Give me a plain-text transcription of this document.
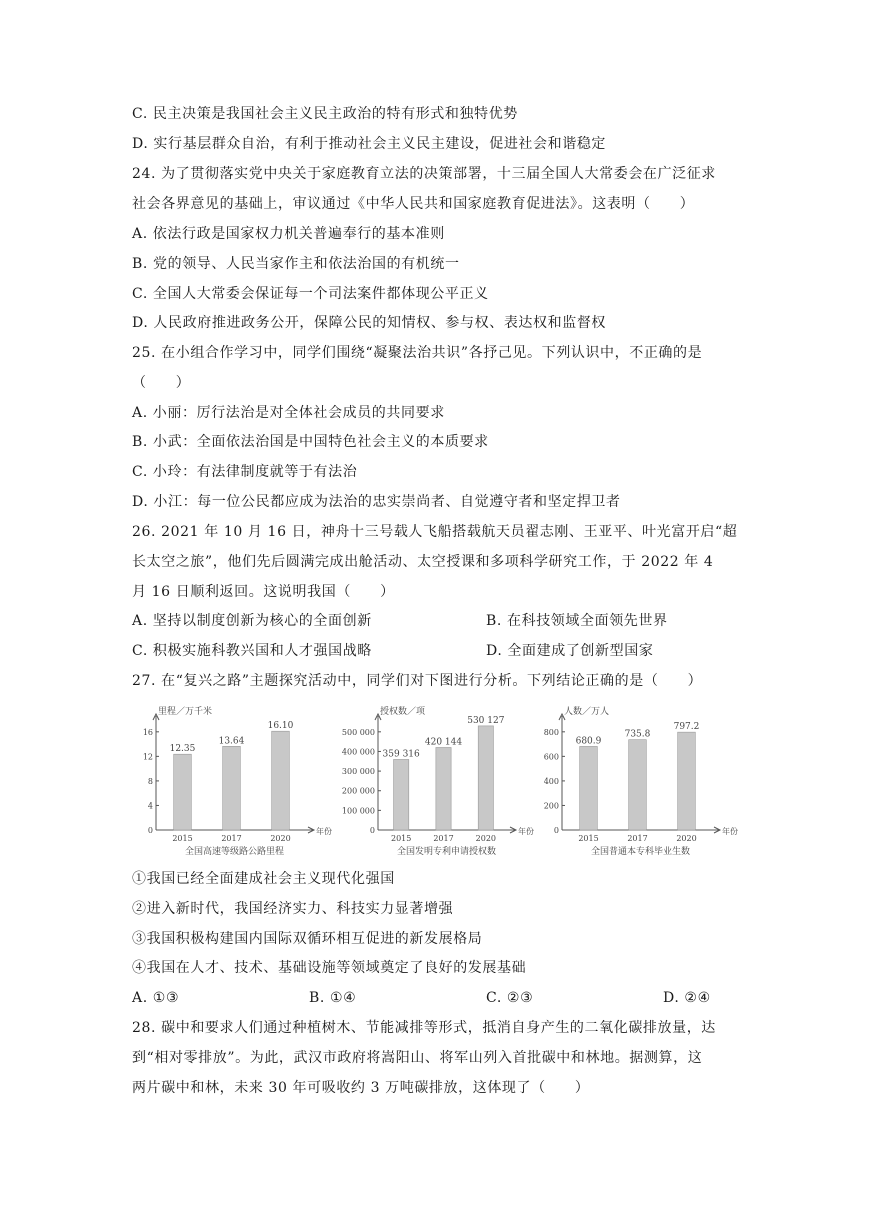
C. 民主决策是我国社会主义民主政治的特有形式和独特优势
D. 实行基层群众自治，有利于推动社会主义民主建设，促进社会和谐稳定
24. 为了贯彻落实党中央关于家庭教育立法的决策部署，十三届全国人大常委会在广泛征求
社会各界意见的基础上，审议通过《中华人民共和国家庭教育促进法》。这表明（　　）
A. 依法行政是国家权力机关普遍奉行的基本准则
B. 党的领导、人民当家作主和依法治国的有机统一
C. 全国人大常委会保证每一个司法案件都体现公平正义
D. 人民政府推进政务公开，保障公民的知情权、参与权、表达权和监督权
25. 在小组合作学习中，同学们围绕“凝聚法治共识”各抒己见。下列认识中，不正确的是
（　　）
A. 小丽：厉行法治是对全体社会成员的共同要求
B. 小武：全面依法治国是中国特色社会主义的本质要求
C. 小玲：有法律制度就等于有法治
D. 小江：每一位公民都应成为法治的忠实崇尚者、自觉遵守者和坚定捍卫者
26. 2021 年 10 月 16 日，神舟十三号载人飞船搭载航天员翟志刚、王亚平、叶光富开启“超
长太空之旅”，他们先后圆满完成出舱活动、太空授课和多项科学研究工作，于 2022 年 4
月 16 日顺利返回。这说明我国（　　）
A. 坚持以制度创新为核心的全面创新	B. 在科技领域全面领先世界
C. 积极实施科教兴国和人才强国战略	D. 全面建成了创新型国家
27. 在“复兴之路”主题探究活动中，同学们对下图进行分析。下列结论正确的是（　　）
里程／万千米
年份
0
4
8
12
16
12.35
2015
13.64
2017
16.10
2020
全国高速等级路公路里程
授权数／项
年份
0
100 000
200 000
300 000
400 000
500 000
359 316
2015
420 144
2017
530 127
2020
全国发明专利申请授权数
人数／万人
年份
0
200
400
600
800
680.9
2015
735.8
2017
797.2
2020
全国普通本专科毕业生数
①我国已经全面建成社会主义现代化强国
②进入新时代，我国经济实力、科技实力显著增强
③我国积极构建国内国际双循环相互促进的新发展格局
④我国在人才、技术、基础设施等领域奠定了良好的发展基础
A. ①③	B. ①④	C. ②③	D. ②④
28. 碳中和要求人们通过种植树木、节能减排等形式，抵消自身产生的二氧化碳排放量，达
到“相对零排放”。为此，武汉市政府将嵩阳山、将军山列入首批碳中和林地。据测算，这
两片碳中和林，未来 30 年可吸收约 3 万吨碳排放，这体现了（　　）
